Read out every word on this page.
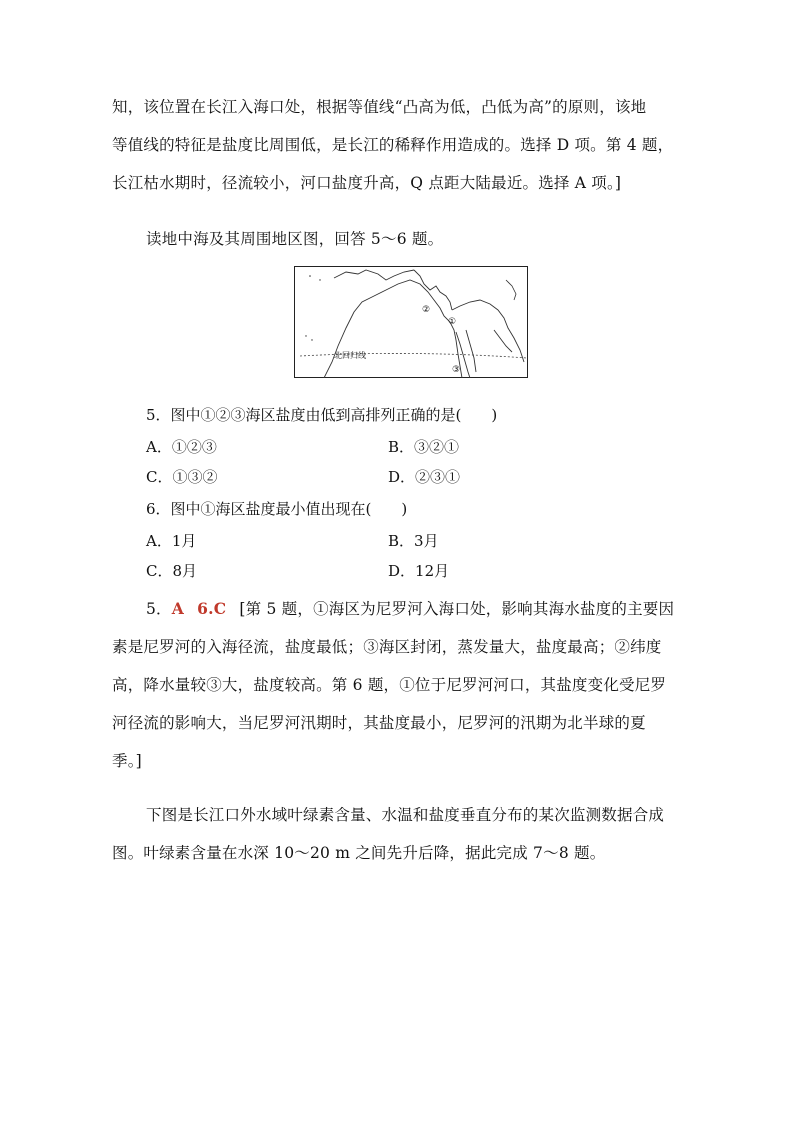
知，该位置在长江入海口处，根据等值线“凸高为低，凸低为高”的原则，该地
等值线的特征是盐度比周围低，是长江的稀释作用造成的。选择 D 项。第 4 题，
长江枯水期时，径流较小，河口盐度升高，Q 点距大陆最近。选择 A 项。]
读地中海及其周围地区图，回答 5～6 题。
北回归线
②
①
③
5．图中①②③海区盐度由低到高排列正确的是(　　)
A．①②③	B．③②①
C．①③②	D．②③①
6．图中①海区盐度最小值出现在(　　)
A．1月	B．3月
C．8月	D．12月
5．A 6.C [第 5 题，①海区为尼罗河入海口处，影响其海水盐度的主要因
素是尼罗河的入海径流，盐度最低；③海区封闭，蒸发量大，盐度最高；②纬度
高，降水量较③大，盐度较高。第 6 题，①位于尼罗河河口，其盐度变化受尼罗
河径流的影响大，当尼罗河汛期时，其盐度最小，尼罗河的汛期为北半球的夏
季。]
下图是长江口外水域叶绿素含量、水温和盐度垂直分布的某次监测数据合成
图。叶绿素含量在水深 10～20 m 之间先升后降，据此完成 7～8 题。
